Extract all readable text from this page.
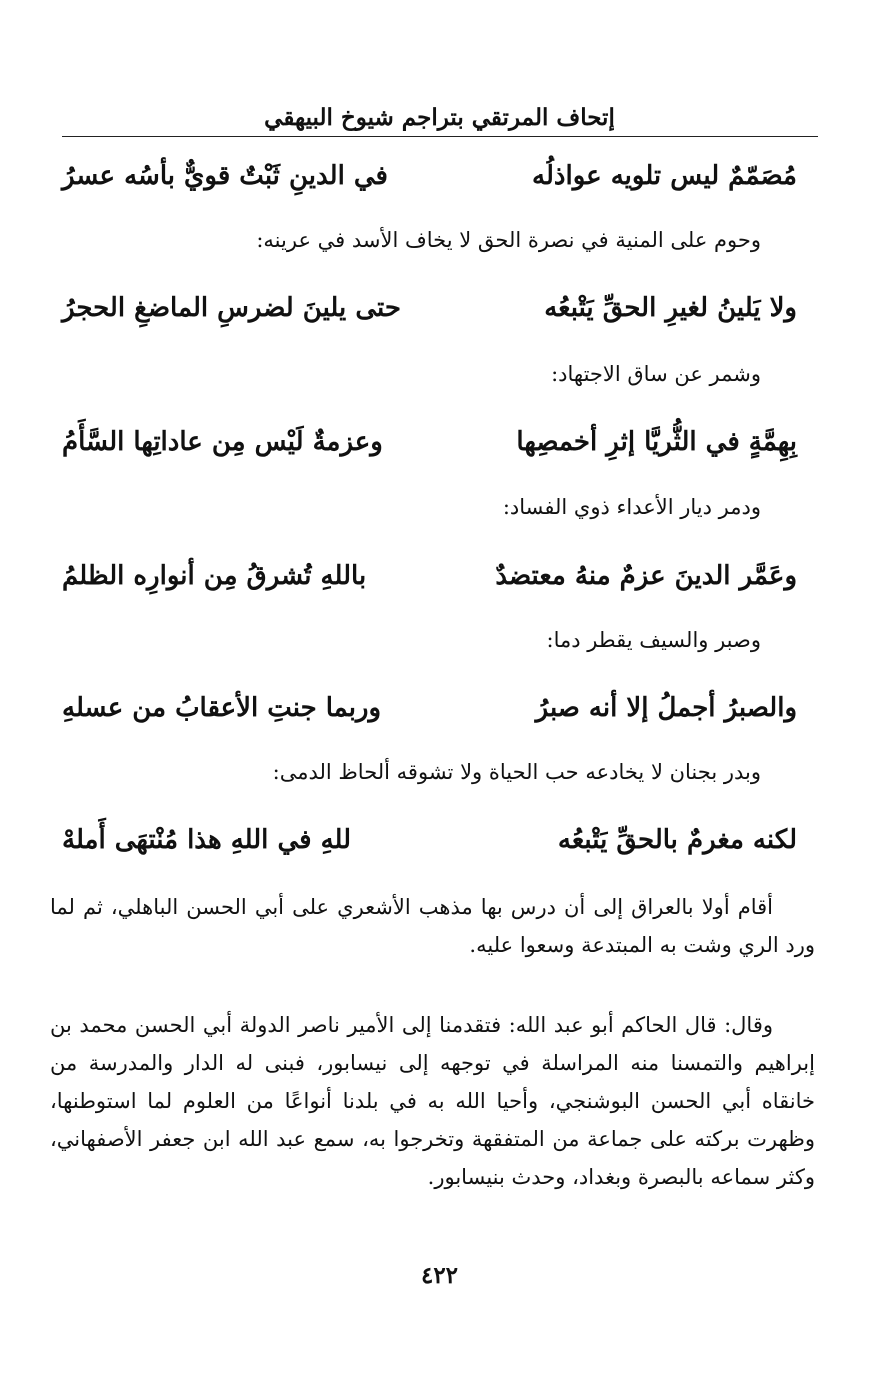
إتحاف المرتقي بتراجم شيوخ البيهقي
مُصَمّمٌ ليس تلويه عواذلُه
في الدينِ ثَبْتٌ قويٌّ بأسُه عسرُ
وحوم على المنية في نصرة الحق لا يخاف الأسد في عرينه:
ولا يَلينُ لغيرِ الحقِّ يَتْبعُه
حتى يلينَ لضرسِ الماضغِ الحجرُ
وشمر عن ساق الاجتهاد:
بِهِمَّةٍ في الثُّريَّا إثرِ أخمصِها
وعزمةٌ لَيْس مِن عاداتِها السَّأَمُ
ودمر ديار الأعداء ذوي الفساد:
وعَمَّر الدينَ عزمٌ منهُ معتضدٌ
باللهِ تُشرقُ مِن أنوارِه الظلمُ
وصبر والسيف يقطر دما:
والصبرُ أجملُ إلا أنه صبرُ
وربما جنتِ الأعقابُ من عسلهِ
وبدر بجنان لا يخادعه حب الحياة ولا تشوقه ألحاظ الدمى:
لكنه مغرمٌ بالحقِّ يَتْبعُه
للهِ في اللهِ هذا مُنْتهَى أَملهْ

أقام أولا بالعراق إلى أن درس بها مذهب الأشعري على أبي الحسن الباهلي، ثم لما ورد الري وشت به المبتدعة وسعوا عليه.

وقال: قال الحاكم أبو عبد الله: فتقدمنا إلى الأمير ناصر الدولة أبي الحسن محمد بن إبراهيم والتمسنا منه المراسلة في توجهه إلى نيسابور، فبنى له الدار والمدرسة من خانقاه أبي الحسن البوشنجي، وأحيا الله به في بلدنا أنواعًا من العلوم لما استوطنها، وظهرت بركته على جماعة من المتفقهة وتخرجوا به، سمع عبد الله ابن جعفر الأصفهاني، وكثر سماعه بالبصرة وبغداد، وحدث بنيسابور.

٤٢٢
